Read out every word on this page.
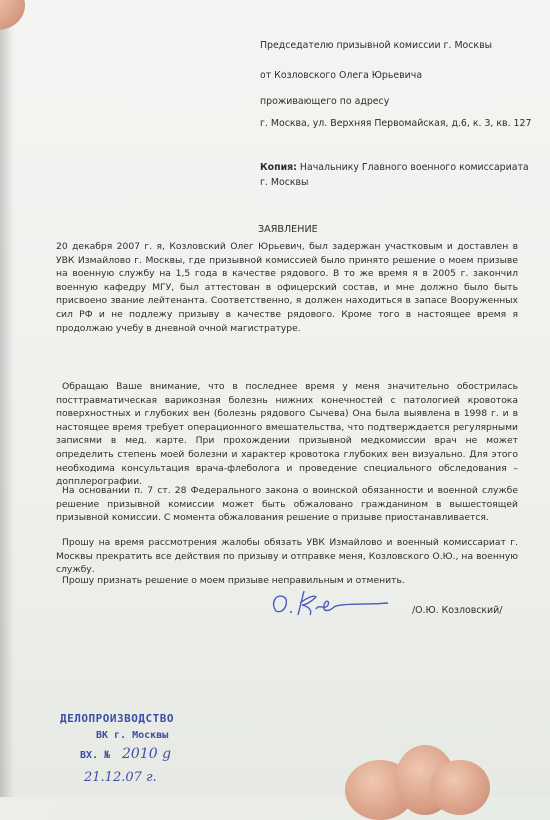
Председателю призывной комиссии г. Москвы
от Козловского Олега Юрьевича
проживающего по адресу
г. Москва, ул. Верхняя Первомайская, д.6, к. 3, кв. 127
Копия: Начальнику Главного военного комиссариата
г. Москвы
ЗАЯВЛЕНИЕ

20 декабря 2007 г. я, Козловский Олег Юрьевич, был задержан участковым и доставлен в УВК Измайлово г. Москвы, где призывной комиссией было принято решение о моем призыве на военную службу на 1,5 года в качестве рядового. В то же время я в 2005 г. закончил военную кафедру МГУ, был аттестован в офицерский состав, и мне должно было быть присвоено звание лейтенанта. Соответственно, я должен находиться в запасе Вооруженных сил РФ и не подлежу призыву в качестве рядового. Кроме того в настоящее время я продолжаю учебу в дневной очной магистратуре.

Обращаю Ваше внимание, что в последнее время у меня значительно обострилась посттравматическая варикозная болезнь нижних конечностей с патологией кровотока поверхностных и глубоких вен (болезнь рядового Сычева) Она была выявлена в 1998 г. и в настоящее время требует операционного вмешательства, что подтверждается регулярными записями в мед. карте. При прохождении призывной медкомиссии врач не может определить степень моей болезни и характер кровотока глубоких вен визуально. Для этого необходима консультация врача-флеболога и проведение специального обследования – допплерографии.

На основании п. 7 ст. 28 Федерального закона о воинской обязанности и военной службе решение призывной комиссии может быть обжаловано гражданином в вышестоящей призывной комиссии. С момента обжалования решение о призыве приостанавливается.

Прошу на время рассмотрения жалобы обязать УВК Измайлово и военный комиссариат г. Москвы прекратить все действия по призыву и отправке меня, Козловского О.Ю., на военную службу.

Прошу признать решение о моем призыве неправильным и отменить.

/О.Ю. Козловский/
ДЕЛОПРОИЗВОДСТВО
ВК г. Москвы
ВХ. № 2010 g
21.12.07 г.
